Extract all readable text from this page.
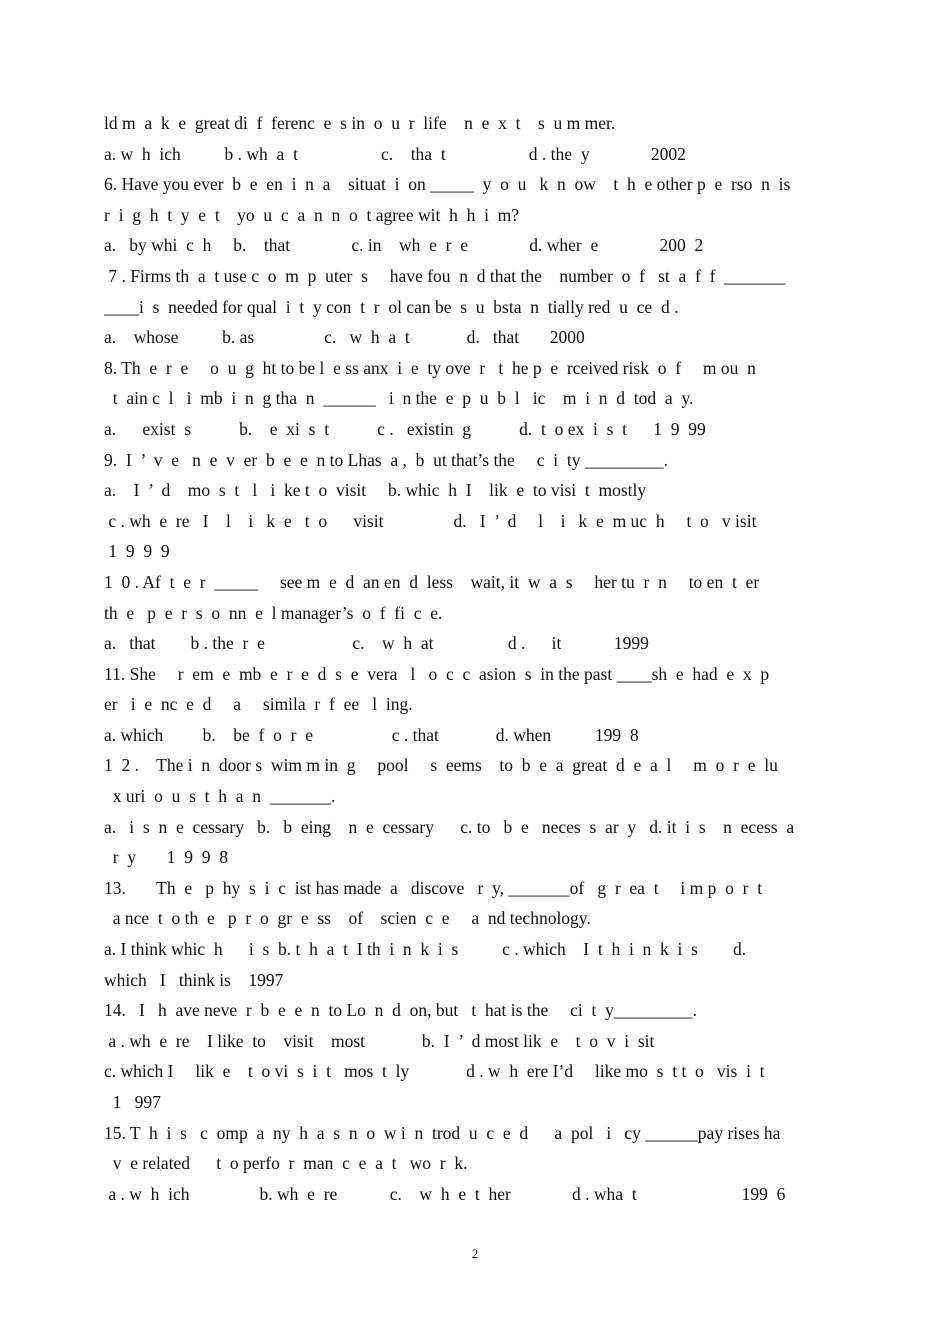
ld m  a  k  e  great di  f  ferenc  e  s in  o  u  r  life    n  e  x  t    s  u m mer.
a. w  h  ich          b . wh  a  t                   c.    tha  t                   d . the  y              2002
6. Have you ever  b  e  en  i  n  a    situat  i  on _____  y  o  u   k  n  ow    t  h  e other p  e  rso  n  is
r  i  g  h  t  y  e  t    yo  u  c  a  n  n  o  t agree wit  h  h  i  m?
a.   by whi  c  h     b.    that              c. in    wh  e  r  e              d. wher  e              200  2
7 . Firms th  a  t use c  o  m  p  uter  s     have fou  n  d that the    number  o  f   st  a  f  f  _______
____i  s  needed for qual  i  t  y con  t  r  ol can be  s  u  bsta  n  tially red  u  ce  d .
a.    whose          b. as                c.   w  h  a  t             d.   that       2000
8. Th  e  r  e     o  u  g  ht to be l  e ss anx  i  e  ty ove  r   t  he p  e  rceived risk  o  f     m ou  n
t  ain c  l   i  mb  i  n  g tha  n  ______   i  n the  e  p  u  b  l   ic    m  i  n  d  tod  a  y.
a.      exist  s           b.    e  xi  s  t           c .   existin  g           d.  t  o ex  i  s  t      1  9  99
9.  I  ’  v  e   n  e  v  er  b  e  e  n to Lhas  a ,  b  ut that’s the     c  i  ty _________.
a.    I  ’  d    mo  s  t   l   i  ke t  o  visit     b. whic  h  I    lik  e  to visi  t  mostly
c . wh  e  re   I    l    i   k  e   t  o      visit                d.   I  ’  d     l    i   k  e  m uc  h     t  o   v isit
1  9  9  9
1  0 . Af  t  e  r  _____     see m  e  d  an en  d  less    wait, it  w  a  s     her tu  r  n     to en  t  er
th  e   p  e  r  s  o  nn  e  l manager’s  o  f  fi  c  e.
a.   that        b . the  r  e                    c.    w  h  at                 d .      it            1999
11. She     r  em  e  mb  e  r  e  d  s  e  vera   l   o  c  c  asion  s  in the past ____sh  e  had  e  x  p
er   i  e  nc  e  d     a     simila  r  f  ee   l  ing.
a. which         b.    be  f  o  r  e                  c . that             d. when          199  8
1  2 .    The i  n  door s  wim m in  g     pool     s  eems    to  b  e  a  great  d  e  a  l     m  o  r  e  lu
x uri  o  u  s  t  h  a  n  _______.
a.   i  s  n  e  cessary   b.   b  eing    n  e  cessary      c. to   b  e   neces  s  ar  y   d. it  i  s    n  ecess  a
r  y       1  9  9  8
13.       Th  e   p  hy  s  i  c  ist has made  a   discove   r  y, _______of   g  r  ea  t     i m p  o  r  t
a nce  t  o th  e   p  r  o  gr  e  ss    of    scien  c  e     a  nd technology.
a. I think whic  h      i  s  b. t  h  a  t  I th  i  n  k  i  s          c . which    I  t  h  i  n  k  i  s        d.
which   I   think is    1997
14.   I   h  ave neve  r  b  e  e  n  to Lo  n  d  on, but   t  hat is the     ci  t  y_________.
a . wh  e  re    I like  to    visit    most             b.  I  ’  d most lik  e    t  o  v  i  sit
c. which I     lik  e    t  o vi  s  i  t   mos  t  ly             d . w  h  ere I’d     like mo  s  t t  o   vis  i  t
1   997
15. T  h  i  s   c  omp  a  ny  h  a  s  n  o  w i  n  trod  u  c  e  d      a  pol   i   cy ______pay rises ha
v  e related      t  o perfo  r  man  c  e  a  t   wo  r  k.
a . w  h  ich                b. wh  e  re            c.    w  h  e  t  her              d . wha  t                        199  6
2
